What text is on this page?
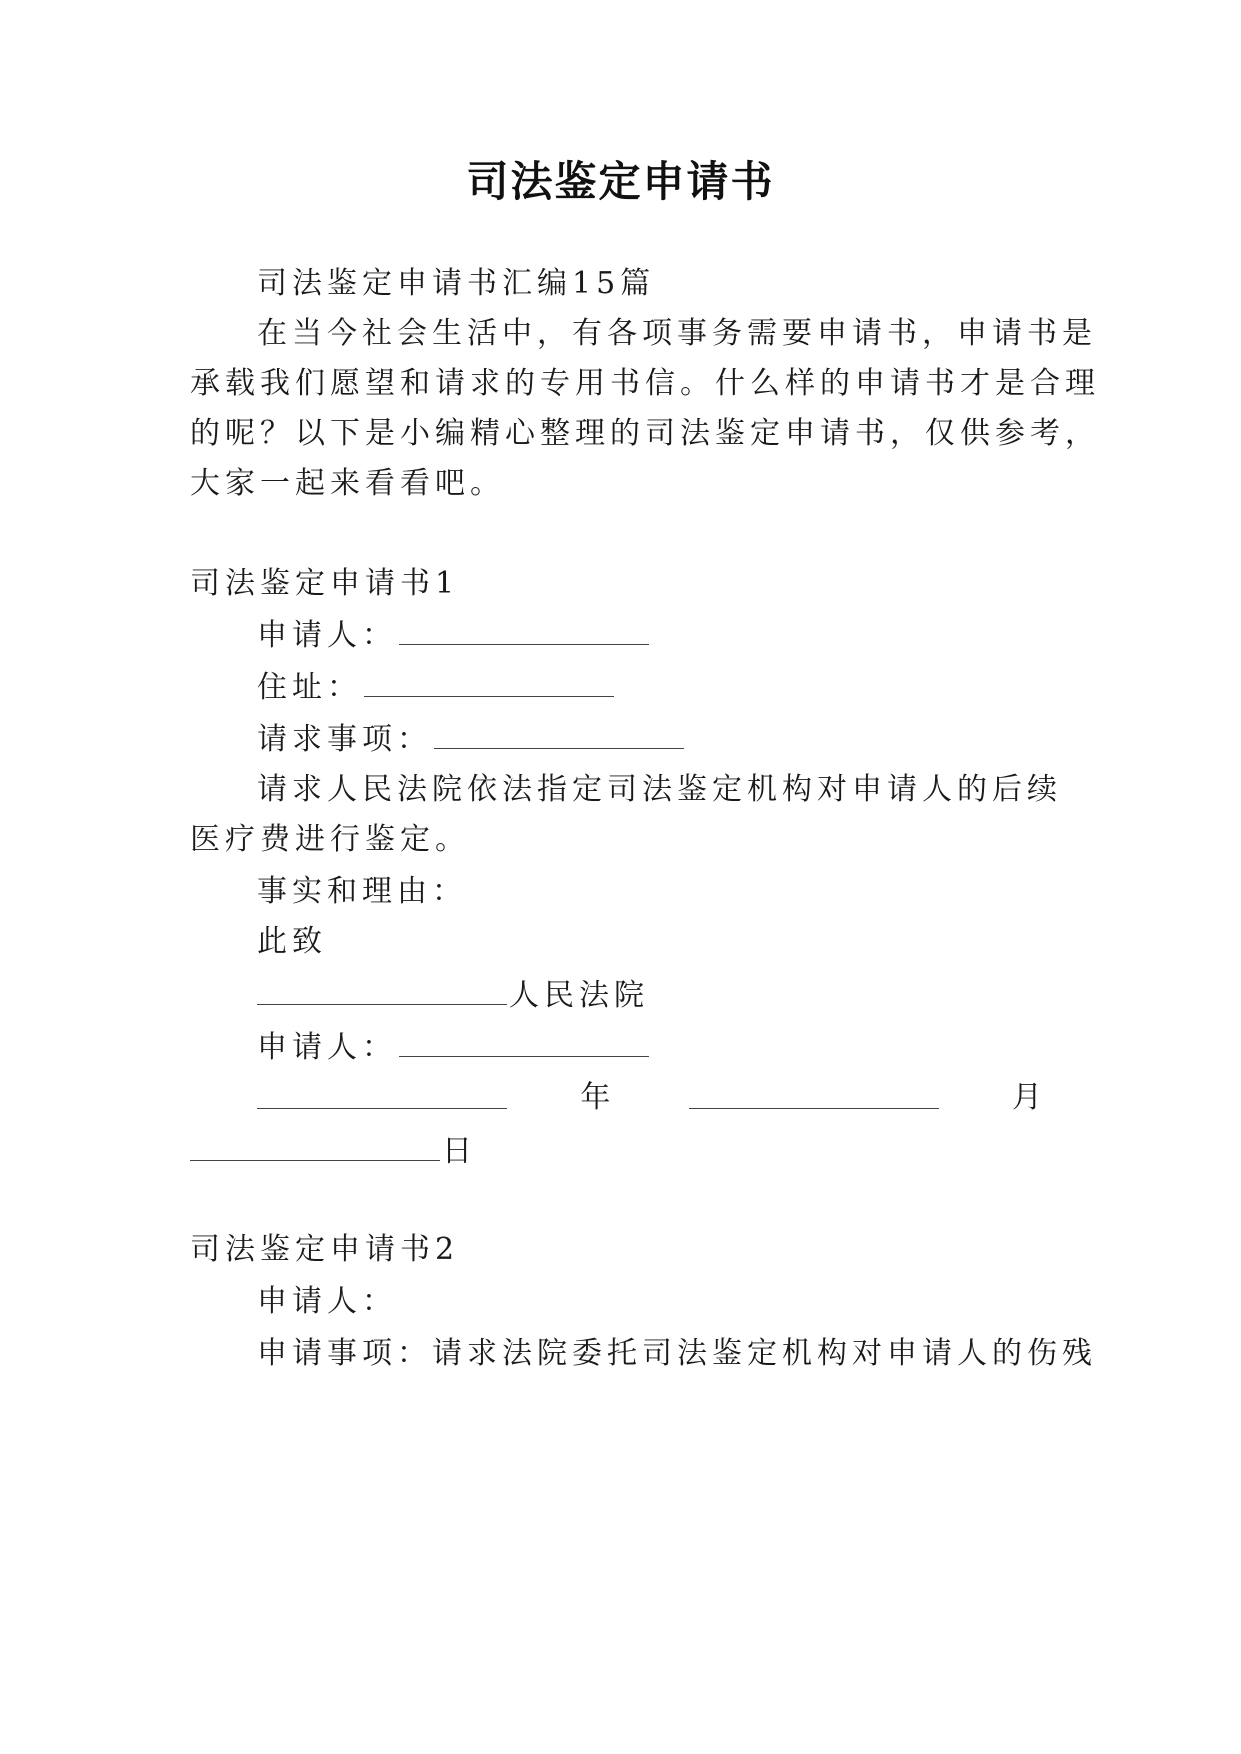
司法鉴定申请书
司法鉴定申请书汇编15篇
在当今社会生活中，有各项事务需要申请书，申请书是
承载我们愿望和请求的专用书信。什么样的申请书才是合理
的呢？以下是小编精心整理的司法鉴定申请书，仅供参考，
大家一起来看看吧。
司法鉴定申请书1
申请人：
住址：
请求事项：
请求人民法院依法指定司法鉴定机构对申请人的后续
医疗费进行鉴定。
事实和理由：
此致
人民法院
申请人：
年	月
日
司法鉴定申请书2
申请人：
申请事项：请求法院委托司法鉴定机构对申请人的伤残
